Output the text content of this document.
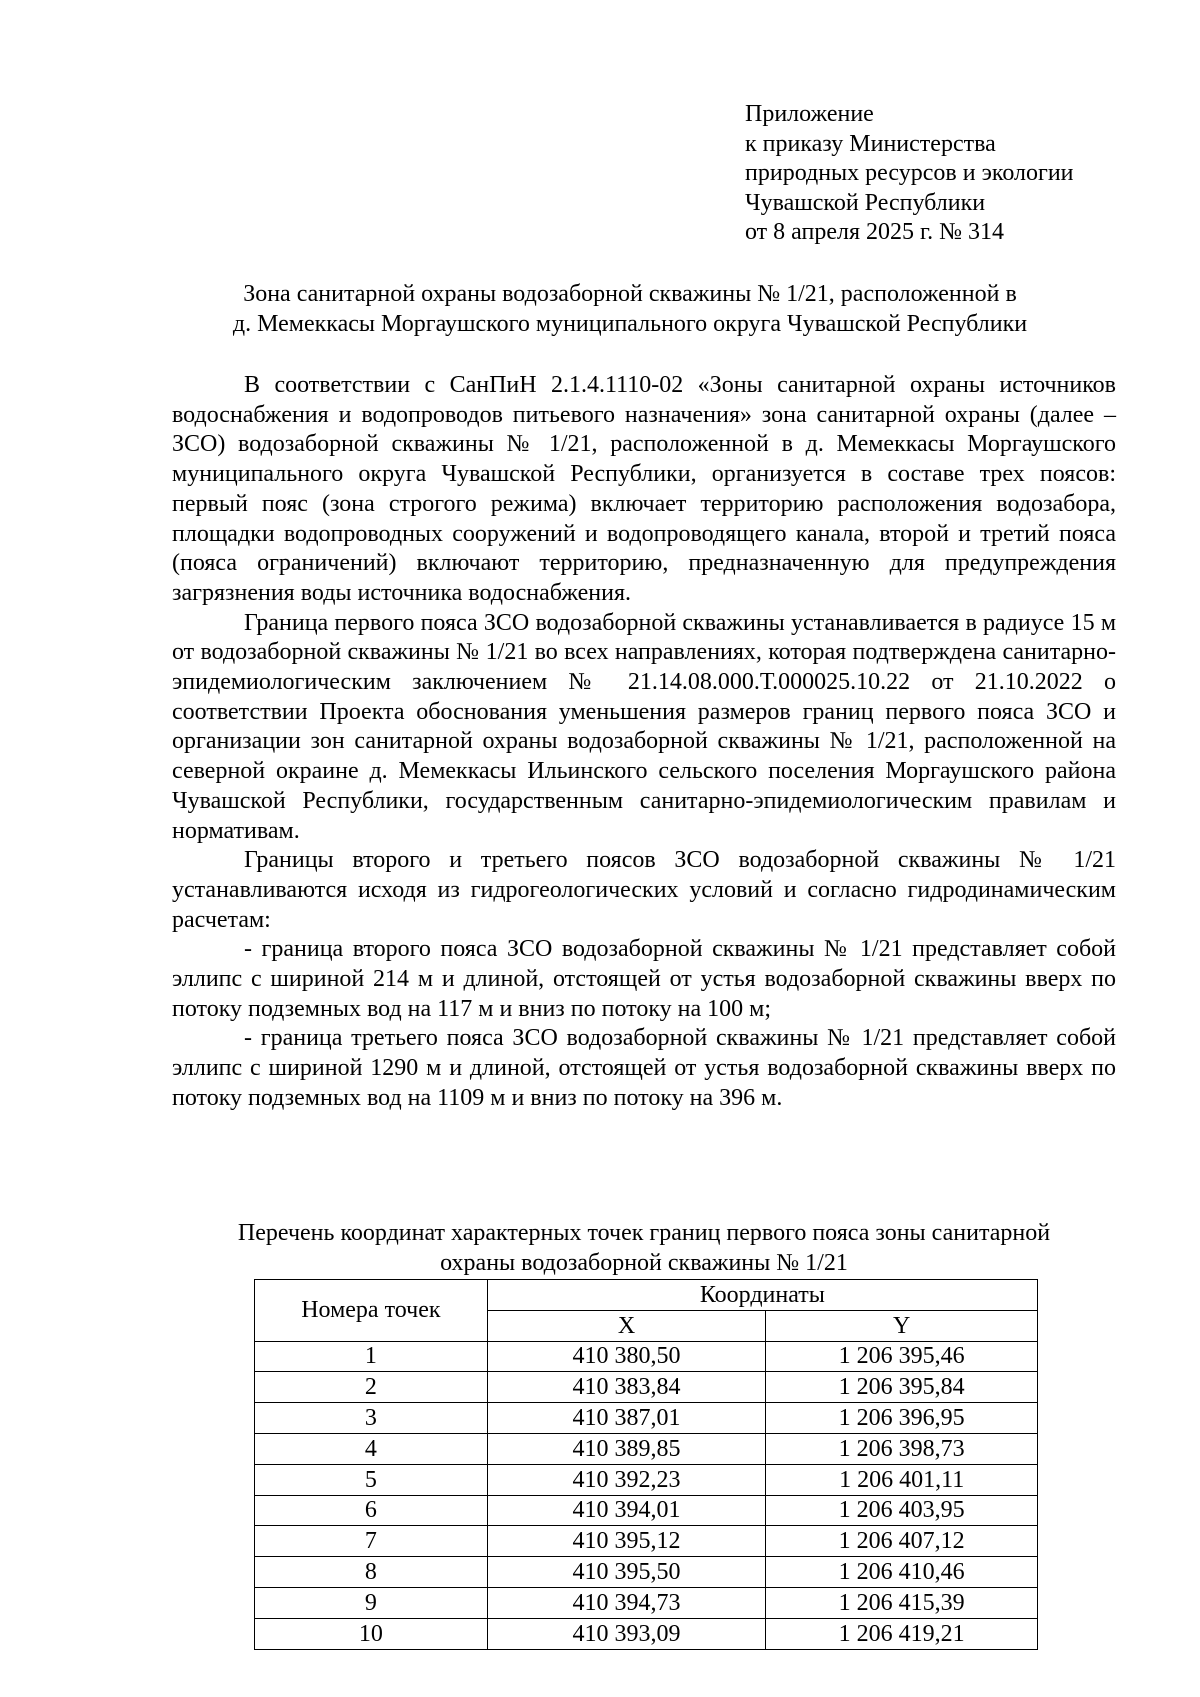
Приложение
к приказу Министерства
природных ресурсов и экологии
Чувашской Республики
от 8 апреля 2025 г. № 314
Зона санитарной охраны водозаборной скважины № 1/21, расположенной в
д. Мемеккасы Моргаушского муниципального округа Чувашской Республики

В соответствии с СанПиН 2.1.4.1110-02 «Зоны санитарной охраны источников водоснабжения и водопроводов питьевого назначения» зона санитарной охраны (далее – ЗСО) водозаборной скважины № 1/21, расположенной в д. Мемеккасы Моргаушского муниципального округа Чувашской Республики, организуется в составе трех поясов: первый пояс (зона строгого режима) включает территорию расположения водозабора, площадки водопроводных сооружений и водопроводящего канала, второй и третий пояса (пояса ограничений) включают территорию, предназначенную для предупреждения загрязнения воды источника водоснабжения.

Граница первого пояса ЗСО водозаборной скважины устанавливается в радиусе 15 м от водозаборной скважины № 1/21 во всех направлениях, которая подтверждена санитарно-эпидемиологическим заключением № 21.14.08.000.Т.000025.10.22 от 21.10.2022 о соответствии Проекта обоснования уменьшения размеров границ первого пояса ЗСО и организации зон санитарной охраны водозаборной скважины № 1/21, расположенной на северной окраине д. Мемеккасы Ильинского сельского поселения Моргаушского района Чувашской Республики, государственным санитарно-эпидемиологическим правилам и нормативам.

Границы второго и третьего поясов ЗСО водозаборной скважины № 1/21 устанавливаются исходя из гидрогеологических условий и согласно гидродинамическим расчетам:

- граница второго пояса ЗСО водозаборной скважины № 1/21 представляет собой эллипс с шириной 214 м и длиной, отстоящей от устья водозаборной скважины вверх по потоку подземных вод на 117 м и вниз по потоку на 100 м;

- граница третьего пояса ЗСО водозаборной скважины № 1/21 представляет собой эллипс с шириной 1290 м и длиной, отстоящей от устья водозаборной скважины вверх по потоку подземных вод на 1109 м и вниз по потоку на 396 м.

Перечень координат характерных точек границ первого пояса зоны санитарной
охраны водозаборной скважины № 1/21
Номера точек	Координаты	
	X	Y
1	410 380,50	1 206 395,46
2	410 383,84	1 206 395,84
3	410 387,01	1 206 396,95
4	410 389,85	1 206 398,73
5	410 392,23	1 206 401,11
6	410 394,01	1 206 403,95
7	410 395,12	1 206 407,12
8	410 395,50	1 206 410,46
9	410 394,73	1 206 415,39
10	410 393,09	1 206 419,21
